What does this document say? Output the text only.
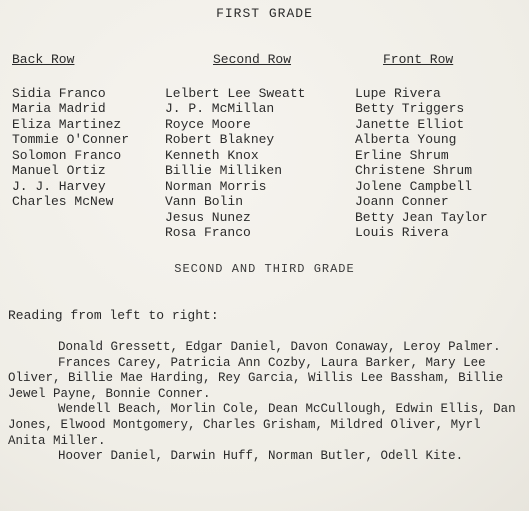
FIRST GRADE
Back Row
Sidia Franco
Maria Madrid
Eliza Martinez
Tommie O'Conner
Solomon Franco
Manuel Ortiz
J. J. Harvey
Charles McNew
Second Row
Lelbert Lee Sweatt
J. P. McMillan
Royce Moore
Robert Blakney
Kenneth Knox
Billie Milliken
Norman Morris
Vann Bolin
Jesus Nunez
Rosa Franco
Front Row
Lupe Rivera
Betty Triggers
Janette Elliot
Alberta Young
Erline Shrum
Christene Shrum
Jolene Campbell
Joann Conner
Betty Jean Taylor
Louis Rivera
SECOND AND THIRD GRADE
Reading from left to right:

Donald Gressett, Edgar Daniel, Davon Conaway, Leroy Palmer.

Frances Carey, Patricia Ann Cozby, Laura Barker, Mary Lee Oliver, Billie Mae Harding, Rey Garcia, Willis Lee Bassham, Billie Jewel Payne, Bonnie Conner.

Wendell Beach, Morlin Cole, Dean McCullough, Edwin Ellis, Dan Jones, Elwood Montgomery, Charles Grisham, Mildred Oliver, Myrl Anita Miller.

Hoover Daniel, Darwin Huff, Norman Butler, Odell Kite.
